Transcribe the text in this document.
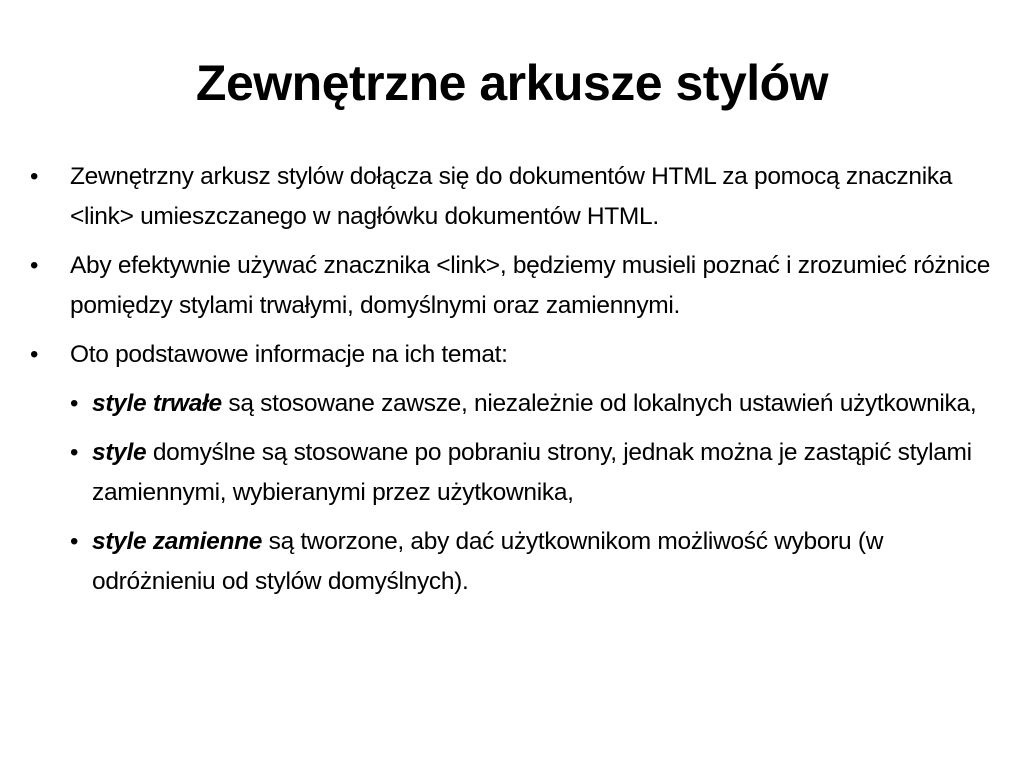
Zewnętrzne arkusze stylów
• Zewnętrzny arkusz stylów dołącza się do dokumentów HTML za pomocą znacznika <link> umieszczanego w nagłówku dokumentów HTML.
• Aby efektywnie używać znacznika <link>, będziemy musieli poznać i zrozumieć różnice pomiędzy stylami trwałymi, domyślnymi oraz zamiennymi.
• Oto podstawowe informacje na ich temat:
• style trwałe są stosowane zawsze, niezależnie od lokalnych ustawień użytkownika,
• style domyślne są stosowane po pobraniu strony, jednak można je zastąpić stylami zamiennymi, wybieranymi przez użytkownika,
• style zamienne są tworzone, aby dać użytkownikom możliwość wyboru (w odróżnieniu od stylów domyślnych).
